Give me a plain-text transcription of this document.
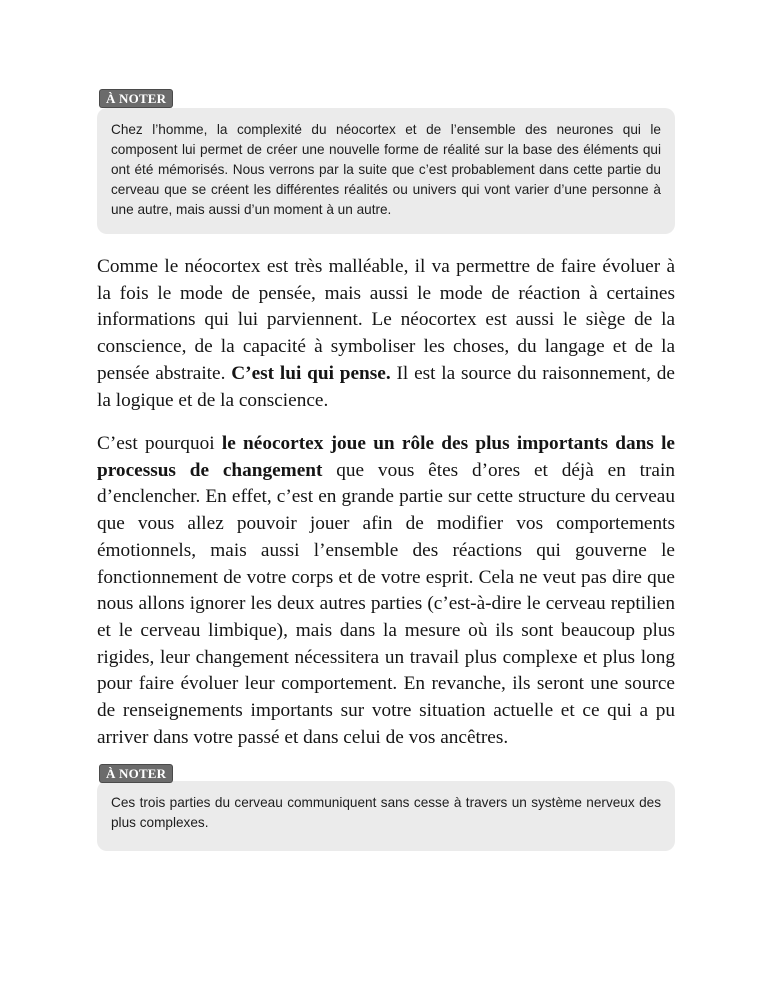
Chez l’homme, la complexité du néocortex et de l’ensemble des neurones qui le composent lui permet de créer une nouvelle forme de réalité sur la base des éléments qui ont été mémorisés. Nous verrons par la suite que c’est probablement dans cette partie du cerveau que se créent les différentes réalités ou univers qui vont varier d’une personne à une autre, mais aussi d’un moment à un autre.
À NOTER

Comme le néocortex est très malléable, il va permettre de faire évoluer à la fois le mode de pensée, mais aussi le mode de réaction à certaines informations qui lui parviennent. Le néocortex est aussi le siège de la conscience, de la capacité à symboliser les choses, du langage et de la pensée abstraite. C’est lui qui pense. Il est la source du raisonnement, de la logique et de la conscience.

C’est pourquoi le néocortex joue un rôle des plus importants dans le processus de changement que vous êtes d’ores et déjà en train d’enclencher. En effet, c’est en grande partie sur cette structure du cerveau que vous allez pouvoir jouer afin de modifier vos comportements émotionnels, mais aussi l’ensemble des réactions qui gouverne le fonctionnement de votre corps et de votre esprit. Cela ne veut pas dire que nous allons ignorer les deux autres parties (c’est-à-dire le cerveau reptilien et le cerveau limbique), mais dans la mesure où ils sont beaucoup plus rigides, leur changement nécessitera un travail plus complexe et plus long pour faire évoluer leur comportement. En revanche, ils seront une source de renseignements importants sur votre situation actuelle et ce qui a pu arriver dans votre passé et dans celui de vos ancêtres.

Ces trois parties du cerveau communiquent sans cesse à travers un système nerveux des plus complexes.
À NOTER
